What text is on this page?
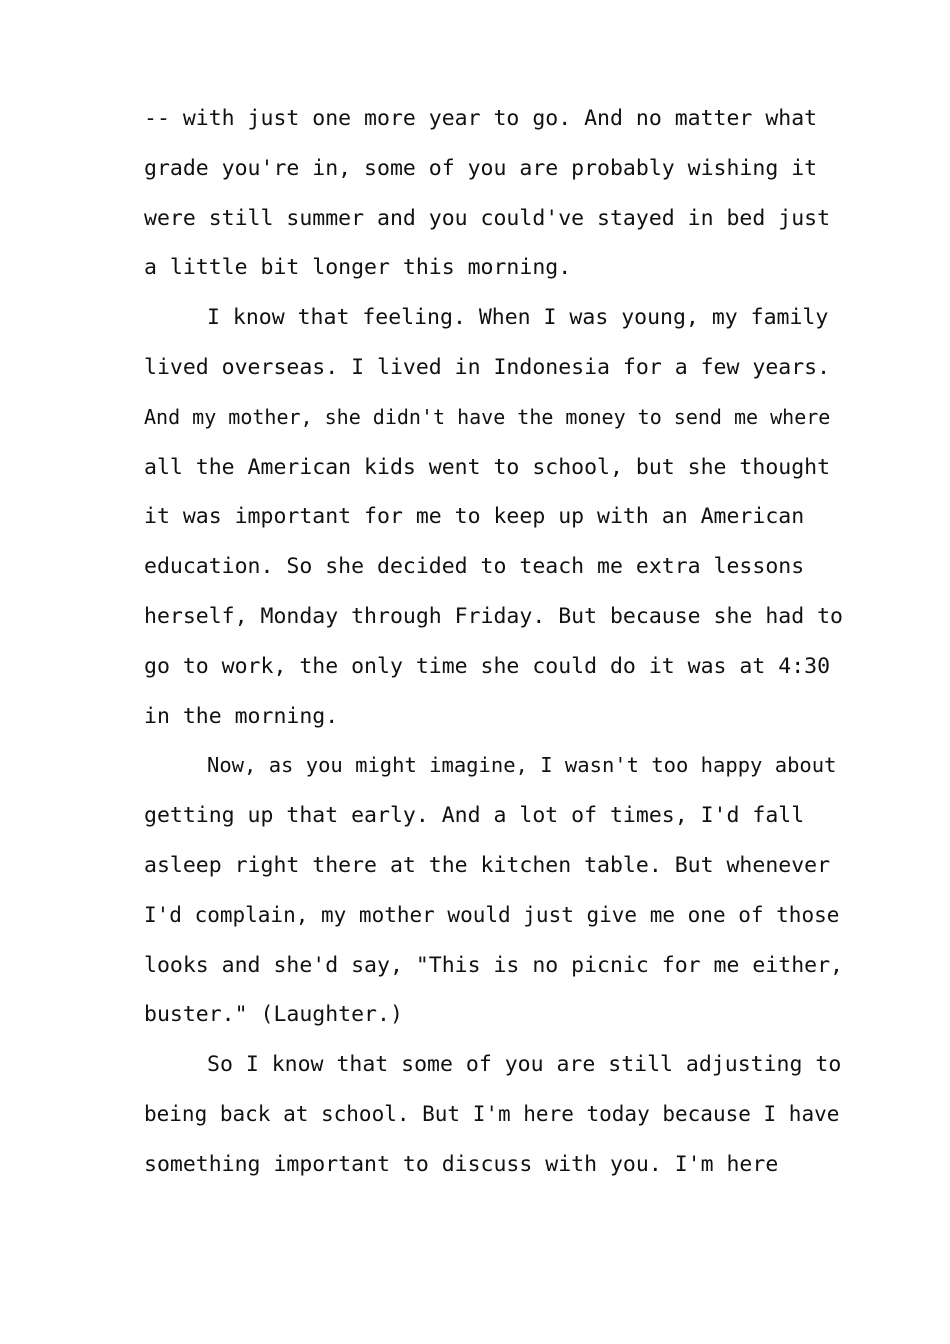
-- with just one more year to go. And no matter what
grade you're in, some of you are probably wishing it
were still summer and you could've stayed in bed just
a little bit longer this morning.
I know that feeling. When I was young, my family
lived overseas. I lived in Indonesia for a few years.
And my mother, she didn't have the money to send me where
all the American kids went to school, but she thought
it was important for me to keep up with an American
education. So she decided to teach me extra lessons
herself, Monday through Friday. But because she had to
go to work, the only time she could do it was at 4:30
in the morning.
Now, as you might imagine, I wasn't too happy about
getting up that early. And a lot of times, I'd fall
asleep right there at the kitchen table. But whenever
I'd complain, my mother would just give me one of those
looks and she'd say, "This is no picnic for me either,
buster." (Laughter.)
So I know that some of you are still adjusting to
being back at school. But I'm here today because I have
something important to discuss with you. I'm here
